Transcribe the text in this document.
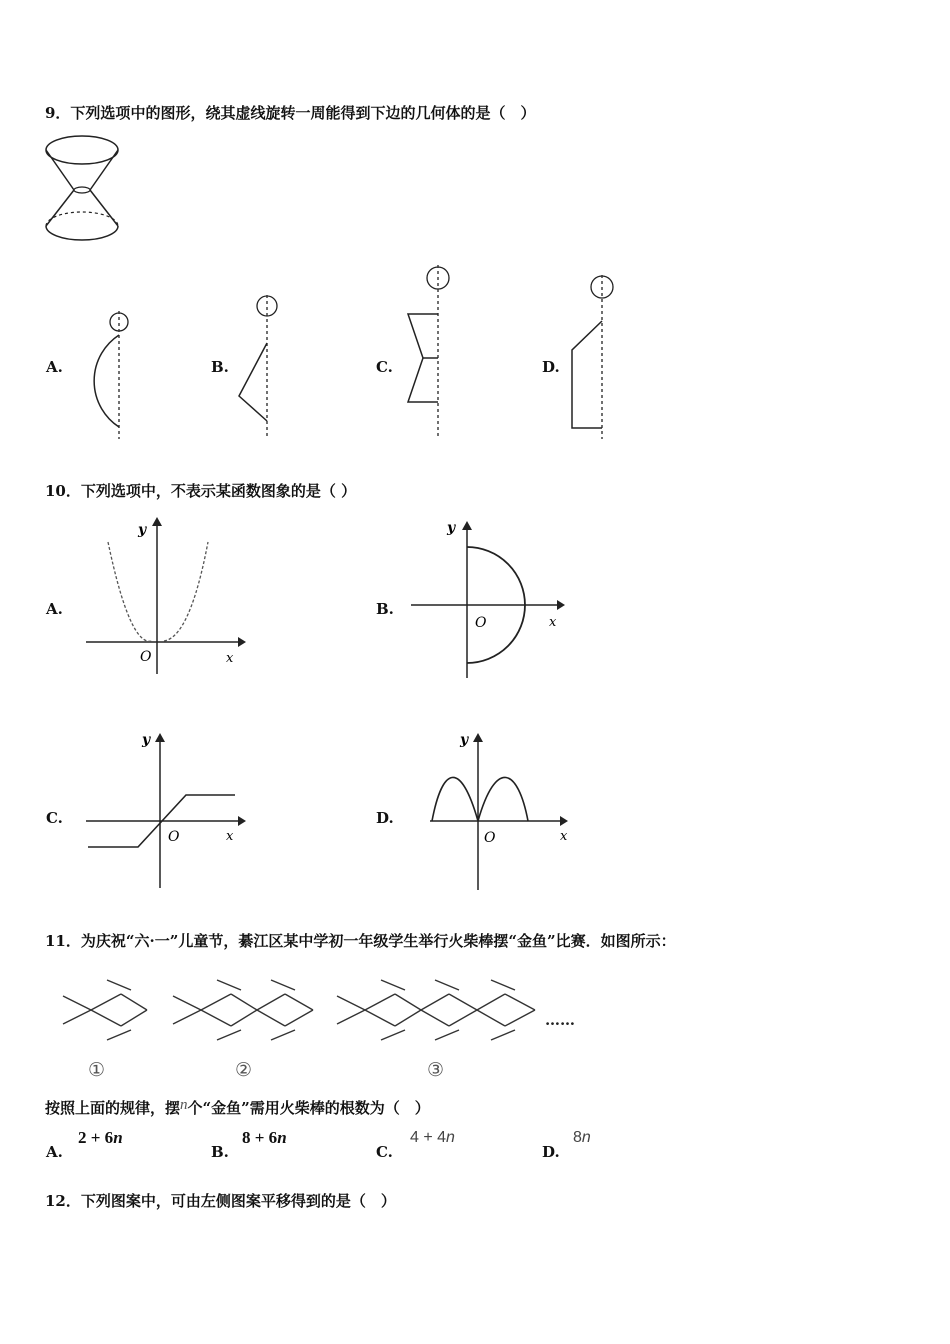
9．下列选项中的图形，绕其虚线旋转一周能得到下边的几何体的是（　）
A.	B.	C.	D.
10．下列选项中，不表示某函数图象的是（ ）
A.
y
O	x
B.
y
O	x
C.
y
O	x
D.
y
O	x
11．为庆祝“六·一”儿童节，綦江区某中学初一年级学生举行火柴棒摆“金鱼”比赛．如图所示：
①	②	③
……
按照上面的规律，摆n个“金鱼”需用火柴棒的根数为（　）
A.
2 + 6n
B.
8 + 6n
C.
4 + 4n
D.
8n
12．下列图案中，可由左侧图案平移得到的是（　）
